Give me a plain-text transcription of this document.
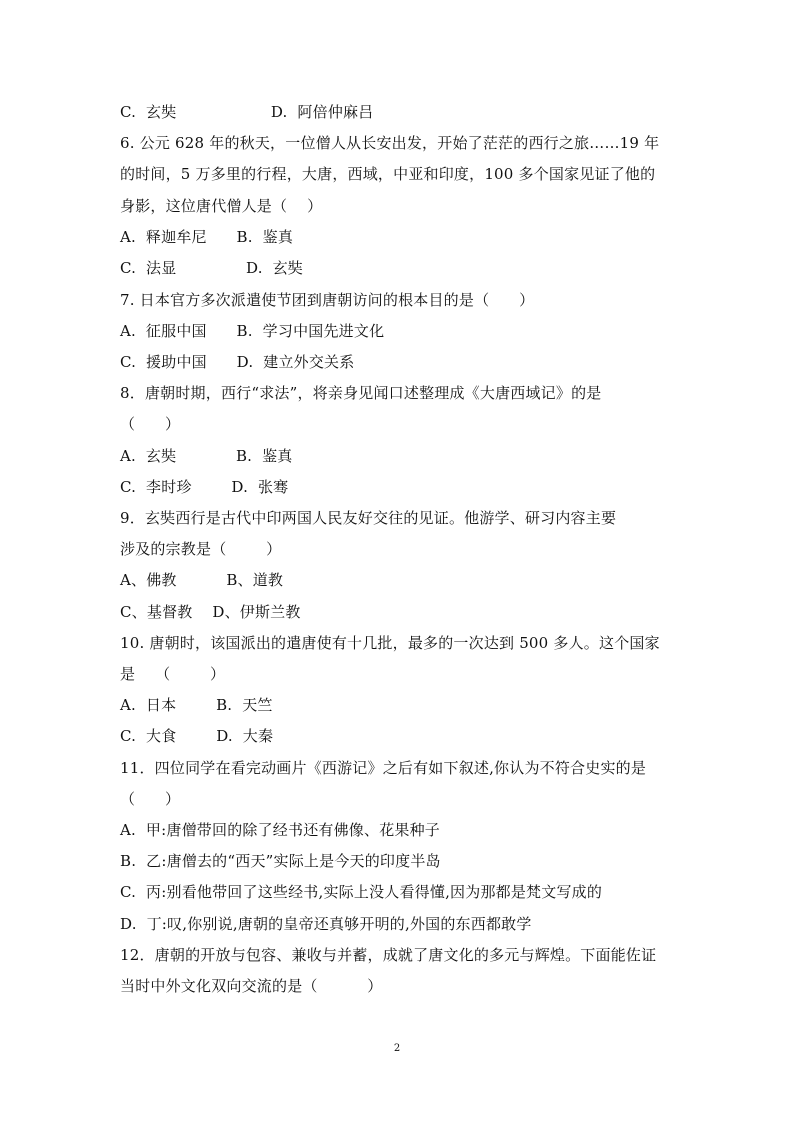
C.  玄奘                   D.  阿倍仲麻吕
6. 公元 628 年的秋天，一位僧人从长安出发，开始了茫茫的西行之旅……19 年
的时间，5 万多里的行程，大唐，西域，中亚和印度，100 多个国家见证了他的
身影，这位唐代僧人是（    ）
A.  释迦牟尼      B.  鉴真
C.  法显              D.  玄奘
7. 日本官方多次派遣使节团到唐朝访问的根本目的是（      ）
A.  征服中国      B.  学习中国先进文化
C.  援助中国      D.  建立外交关系
8．唐朝时期，西行“求法”，将亲身见闻口述整理成《大唐西域记》的是
（      ）
A.  玄奘            B.  鉴真
C.  李时珍        D.  张骞
9．玄奘西行是古代中印两国人民友好交往的见证。他游学、研习内容主要
涉及的宗教是（        ）
A、佛教          B、道教
C、基督教    D、伊斯兰教
10. 唐朝时，该国派出的遣唐使有十几批，最多的一次达到 500 多人。这个国家
是    （        ）
A.  日本        B.  天竺
C.  大食        D.  大秦
11．四位同学在看完动画片《西游记》之后有如下叙述,你认为不符合史实的是
（      ）
A.  甲:唐僧带回的除了经书还有佛像、花果种子
B.  乙:唐僧去的“西天”实际上是今天的印度半岛
C.  丙:别看他带回了这些经书,实际上没人看得懂,因为那都是梵文写成的
D.  丁:叹,你别说,唐朝的皇帝还真够开明的,外国的东西都敢学
12．唐朝的开放与包容、兼收与并蓄，成就了唐文化的多元与辉煌。下面能佐证
当时中外文化双向交流的是（          ）
2
